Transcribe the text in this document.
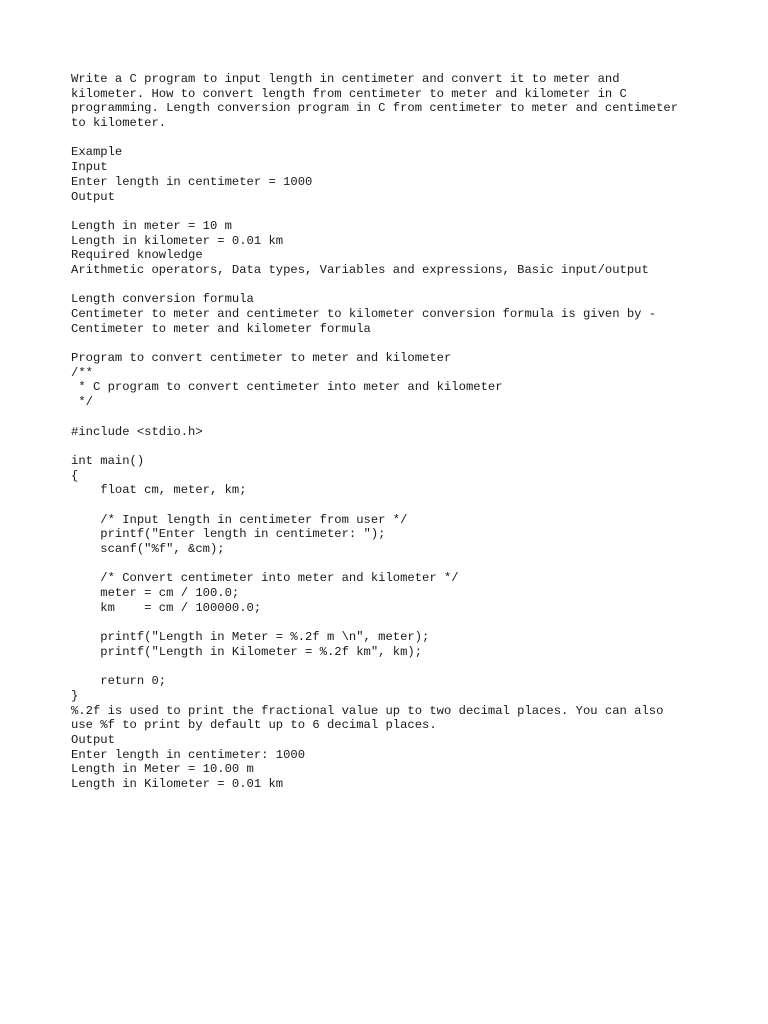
Write a C program to input length in centimeter and convert it to meter and
kilometer. How to convert length from centimeter to meter and kilometer in C
programming. Length conversion program in C from centimeter to meter and centimeter
to kilometer.
Example
Input
Enter length in centimeter = 1000
Output
Length in meter = 10 m
Length in kilometer = 0.01 km
Required knowledge
Arithmetic operators, Data types, Variables and expressions, Basic input/output
Length conversion formula
Centimeter to meter and centimeter to kilometer conversion formula is given by -
Centimeter to meter and kilometer formula
Program to convert centimeter to meter and kilometer
/**
* C program to convert centimeter into meter and kilometer
*/
#include <stdio.h>
int main()
{
float cm, meter, km;
/* Input length in centimeter from user */
printf("Enter length in centimeter: ");
scanf("%f", &cm);
/* Convert centimeter into meter and kilometer */
meter = cm / 100.0;
km    = cm / 100000.0;
printf("Length in Meter = %.2f m \n", meter);
printf("Length in Kilometer = %.2f km", km);
return 0;
}
%.2f is used to print the fractional value up to two decimal places. You can also
use %f to print by default up to 6 decimal places.
Output
Enter length in centimeter: 1000
Length in Meter = 10.00 m
Length in Kilometer = 0.01 km
